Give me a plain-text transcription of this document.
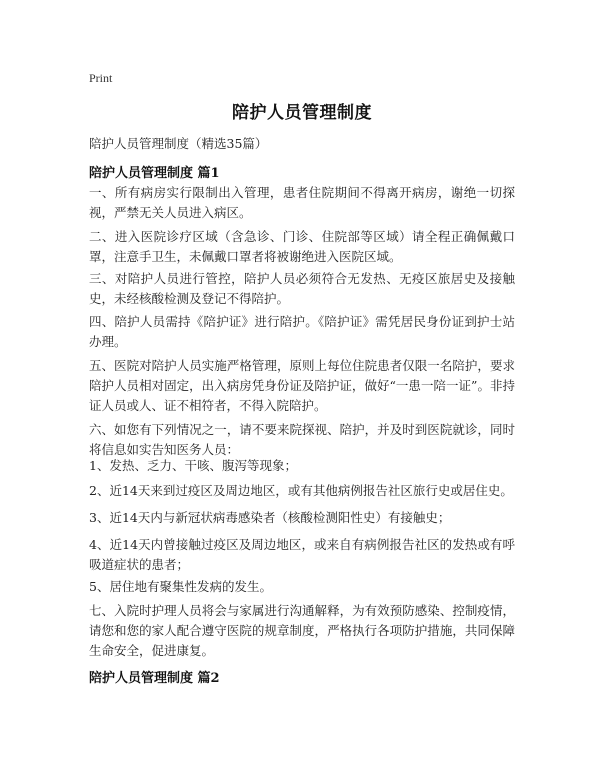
Print
陪护人员管理制度

陪护人员管理制度（精选35篇）

陪护人员管理制度 篇1

一、所有病房实行限制出入管理，患者住院期间不得离开病房，谢绝一切探视，严禁无关人员进入病区。

二、进入医院诊疗区域（含急诊、门诊、住院部等区域）请全程正确佩戴口罩，注意手卫生，未佩戴口罩者将被谢绝进入医院区域。

三、对陪护人员进行管控，陪护人员必须符合无发热、无疫区旅居史及接触史，未经核酸检测及登记不得陪护。

四、陪护人员需持《陪护证》进行陪护。《陪护证》需凭居民身份证到护士站办理。

五、医院对陪护人员实施严格管理，原则上每位住院患者仅限一名陪护，要求陪护人员相对固定，出入病房凭身份证及陪护证，做好“一患一陪一证”。非持证人员或人、证不相符者，不得入院陪护。

六、如您有下列情况之一，请不要来院探视、陪护，并及时到医院就诊，同时将信息如实告知医务人员：

1、发热、乏力、干咳、腹泻等现象；

2、近14天来到过疫区及周边地区，或有其他病例报告社区旅行史或居住史。

3、近14天内与新冠状病毒感染者（核酸检测阳性史）有接触史；

4、近14天内曾接触过疫区及周边地区，或来自有病例报告社区的发热或有呼吸道症状的患者；

5、居住地有聚集性发病的发生。

七、入院时护理人员将会与家属进行沟通解释，为有效预防感染、控制疫情，请您和您的家人配合遵守医院的规章制度，严格执行各项防护措施，共同保障生命安全，促进康复。

陪护人员管理制度 篇2
